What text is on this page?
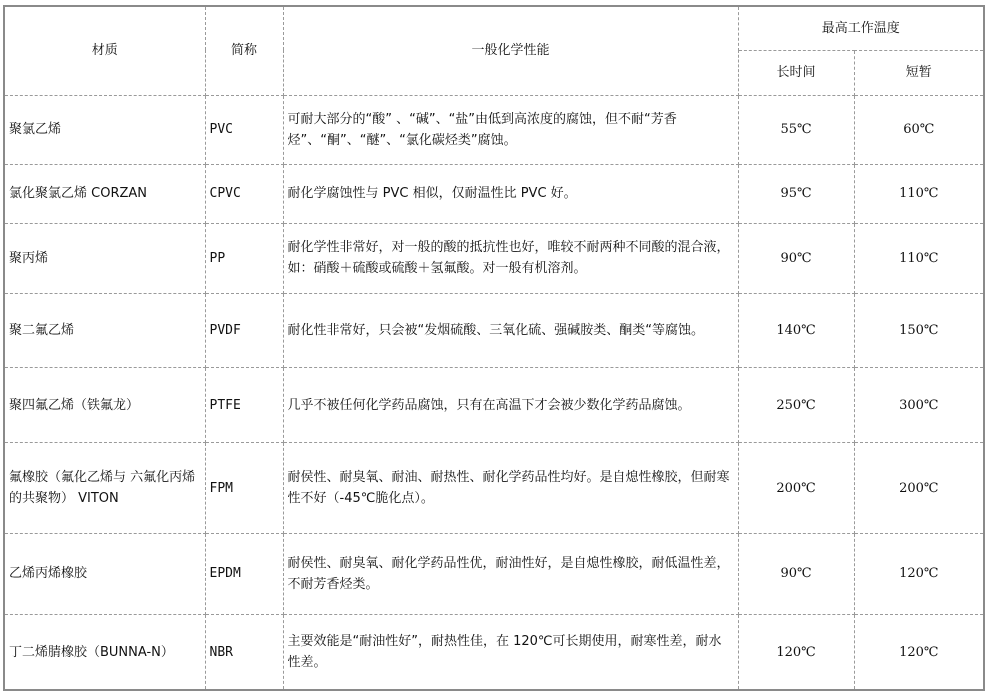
材质	简称	一般化学性能	最高工作温度	
			长时间	短暂
聚氯乙烯	PVC	可耐大部分的“酸” 、“碱”、“盐”由低到高浓度的腐蚀，但不耐“芳香烃”、“酮”、“醚”、“氯化碳烃类”腐蚀。	55℃	60℃
氯化聚氯乙烯 CORZAN	CPVC	耐化学腐蚀性与 PVC 相似，仅耐温性比 PVC 好。	95℃	110℃
聚丙烯	PP	耐化学性非常好，对一般的酸的抵抗性也好，唯较不耐两种不同酸的混合液，如：硝酸＋硫酸或硫酸＋氢氟酸。对一般有机溶剂。	90℃	110℃
聚二氟乙烯	PVDF	耐化性非常好，只会被“发烟硫酸、三氧化硫、强碱胺类、酮类“等腐蚀。	140℃	150℃
聚四氟乙烯（铁氟龙）	PTFE	几乎不被任何化学药品腐蚀，只有在高温下才会被少数化学药品腐蚀。	250℃	300℃
氟橡胶（氟化乙烯与 六氟化丙烯的共聚物） VITON	FPM	耐侯性、耐臭氧、耐油、耐热性、耐化学药品性均好。是自熄性橡胶，但耐寒性不好（-45℃脆化点）。	200℃	200℃
乙烯丙烯橡胶	EPDM	耐侯性、耐臭氧、耐化学药品性优，耐油性好，是自熄性橡胶，耐低温性差，不耐芳香烃类。	90℃	120℃
丁二烯腈橡胶（BUNNA-N）	NBR	主要效能是“耐油性好”，耐热性佳，在 120℃可长期使用，耐寒性差，耐水性差。	120℃	120℃
